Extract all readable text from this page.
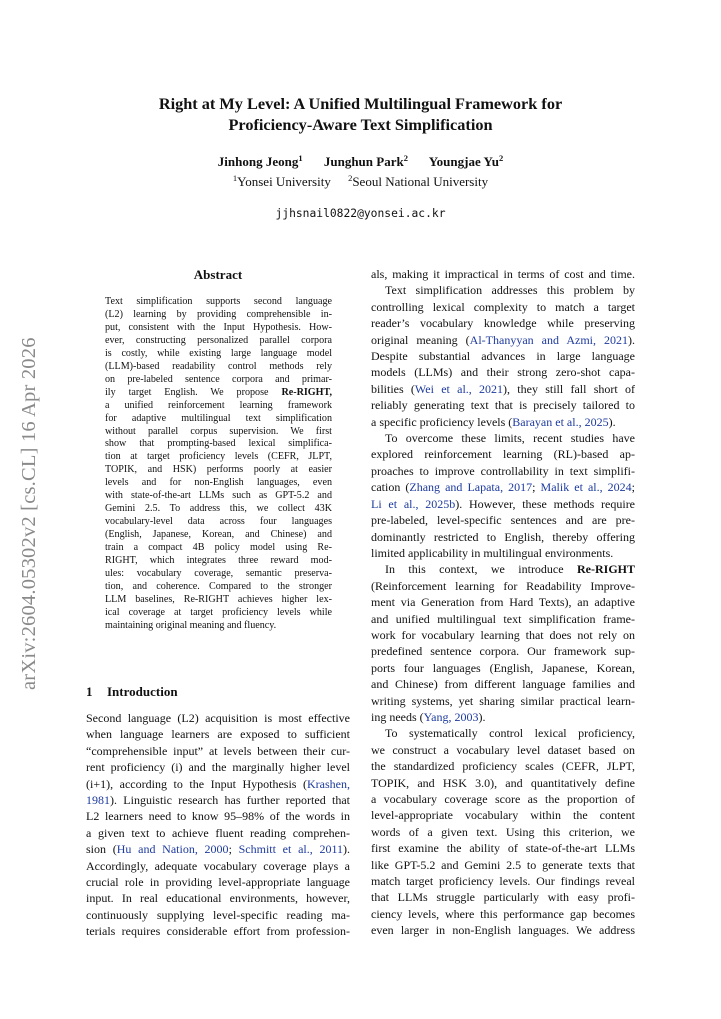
arXiv:2604.05302v2 [cs.CL] 16 Apr 2026
Right at My Level: A Unified Multilingual Framework for
Proficiency-Aware Text Simplification
Jinhong Jeong$^1$ Junghun Park$^2$ Youngjae Yu$^2$
$^1$Yonsei University $^2$Seoul National University
jjhsnail0822@yonsei.ac.kr
Abstract
Text simplification supports second language
(L2) learning by providing comprehensible in-
put, consistent with the Input Hypothesis. How-
ever, constructing personalized parallel corpora
is costly, while existing large language model
(LLM)-based readability control methods rely
on pre-labeled sentence corpora and primar-
ily target English. We propose Re-RIGHT,
a unified reinforcement learning framework
for adaptive multilingual text simplification
without parallel corpus supervision. We first
show that prompting-based lexical simplifica-
tion at target proficiency levels (CEFR, JLPT,
TOPIK, and HSK) performs poorly at easier
levels and for non-English languages, even
with state-of-the-art LLMs such as GPT-5.2 and
Gemini 2.5. To address this, we collect 43K
vocabulary-level data across four languages
(English, Japanese, Korean, and Chinese) and
train a compact 4B policy model using Re-
RIGHT, which integrates three reward mod-
ules: vocabulary coverage, semantic preserva-
tion, and coherence. Compared to the stronger
LLM baselines, Re-RIGHT achieves higher lex-
ical coverage at target proficiency levels while
maintaining original meaning and fluency.
1 Introduction
Second language (L2) acquisition is most effective
when language learners are exposed to sufficient
“comprehensible input” at levels between their cur-
rent proficiency (i) and the marginally higher level
(i+1), according to the Input Hypothesis (Krashen,
1981). Linguistic research has further reported that
L2 learners need to know 95–98% of the words in
a given text to achieve fluent reading comprehen-
sion (Hu and Nation, 2000; Schmitt et al., 2011).
Accordingly, adequate vocabulary coverage plays a
crucial role in providing level-appropriate language
input. In real educational environments, however,
continuously supplying level-specific reading ma-
terials requires considerable effort from profession-
als, making it impractical in terms of cost and time.
Text simplification addresses this problem by
controlling lexical complexity to match a target
reader’s vocabulary knowledge while preserving
original meaning (Al-Thanyyan and Azmi, 2021).
Despite substantial advances in large language
models (LLMs) and their strong zero-shot capa-
bilities (Wei et al., 2021), they still fall short of
reliably generating text that is precisely tailored to
a specific proficiency levels (Barayan et al., 2025).
To overcome these limits, recent studies have
explored reinforcement learning (RL)-based ap-
proaches to improve controllability in text simplifi-
cation (Zhang and Lapata, 2017; Malik et al., 2024;
Li et al., 2025b). However, these methods require
pre-labeled, level-specific sentences and are pre-
dominantly restricted to English, thereby offering
limited applicability in multilingual environments.
In this context, we introduce Re-RIGHT
(Reinforcement learning for Readability Improve-
ment via Generation from Hard Texts), an adaptive
and unified multilingual text simplification frame-
work for vocabulary learning that does not rely on
predefined sentence corpora. Our framework sup-
ports four languages (English, Japanese, Korean,
and Chinese) from different language families and
writing systems, yet sharing similar practical learn-
ing needs (Yang, 2003).
To systematically control lexical proficiency,
we construct a vocabulary level dataset based on
the standardized proficiency scales (CEFR, JLPT,
TOPIK, and HSK 3.0), and quantitatively define
a vocabulary coverage score as the proportion of
level-appropriate vocabulary within the content
words of a given text. Using this criterion, we
first examine the ability of state-of-the-art LLMs
like GPT-5.2 and Gemini 2.5 to generate texts that
match target proficiency levels. Our findings reveal
that LLMs struggle particularly with easy profi-
ciency levels, where this performance gap becomes
even larger in non-English languages. We address
